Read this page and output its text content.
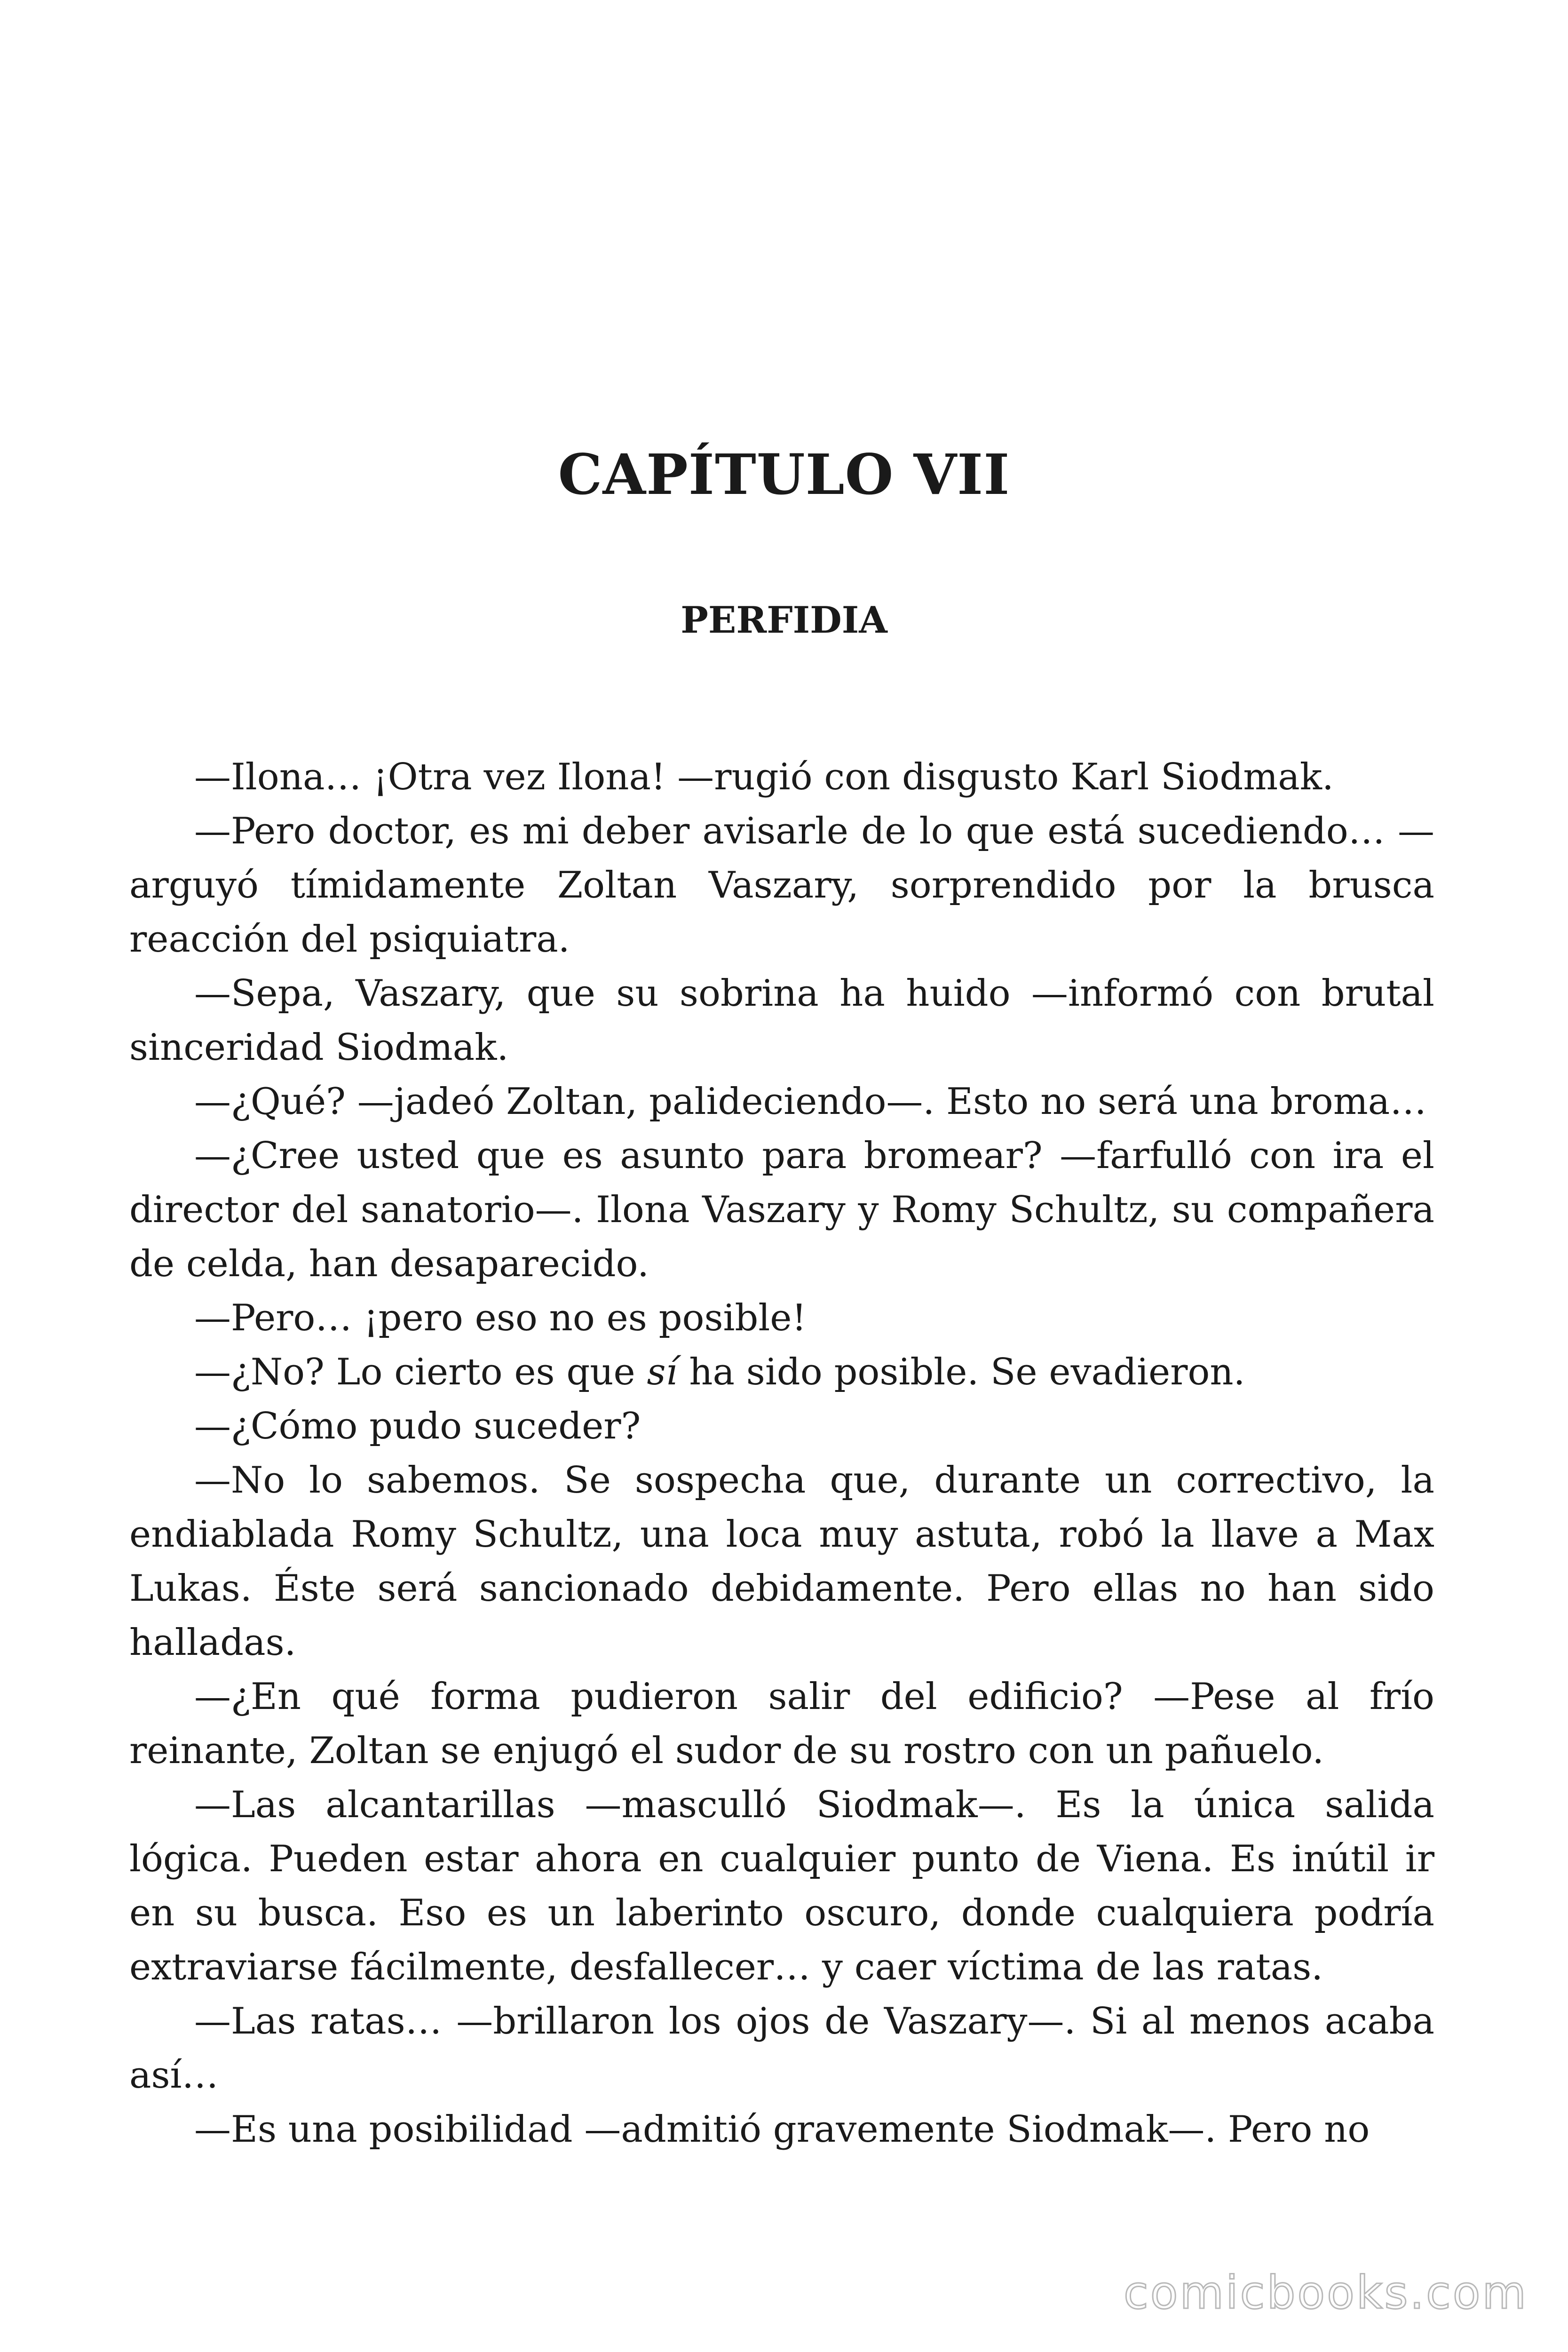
CAPÍTULO VII
PERFIDIA

—Ilona… ¡Otra vez Ilona! —rugió con disgusto Karl Siodmak.

—Pero doctor, es mi deber avisarle de lo que está sucediendo… —arguyó tímidamente Zoltan Vaszary, sorprendido por la brusca reacción del psiquiatra.

—Sepa, Vaszary, que su sobrina ha huido —informó con brutal sinceridad Siodmak.

—¿Qué? —jadeó Zoltan, palideciendo—. Esto no será una broma…

—¿Cree usted que es asunto para bromear? —farfulló con ira el director del sanatorio—. Ilona Vaszary y Romy Schultz, su compañera de celda, han desaparecido.

—Pero… ¡pero eso no es posible!

—¿No? Lo cierto es que sí ha sido posible. Se evadieron.

—¿Cómo pudo suceder?

—No lo sabemos. Se sospecha que, durante un correctivo, la endiablada Romy Schultz, una loca muy astuta, robó la llave a Max Lukas. Éste será sancionado debidamente. Pero ellas no han sido halladas.

—¿En qué forma pudieron salir del edificio? —Pese al frío reinante, Zoltan se enjugó el sudor de su rostro con un pañuelo.

—Las alcantarillas —masculló Siodmak—. Es la única salida lógica. Pueden estar ahora en cualquier punto de Viena. Es inútil ir en su busca. Eso es un laberinto oscuro, donde cualquiera podría extraviarse fácilmente, desfallecer… y caer víctima de las ratas.

—Las ratas… —brillaron los ojos de Vaszary—. Si al menos acaba así…

—Es una posibilidad —admitió gravemente Siodmak—. Pero no

comicbooks.com
